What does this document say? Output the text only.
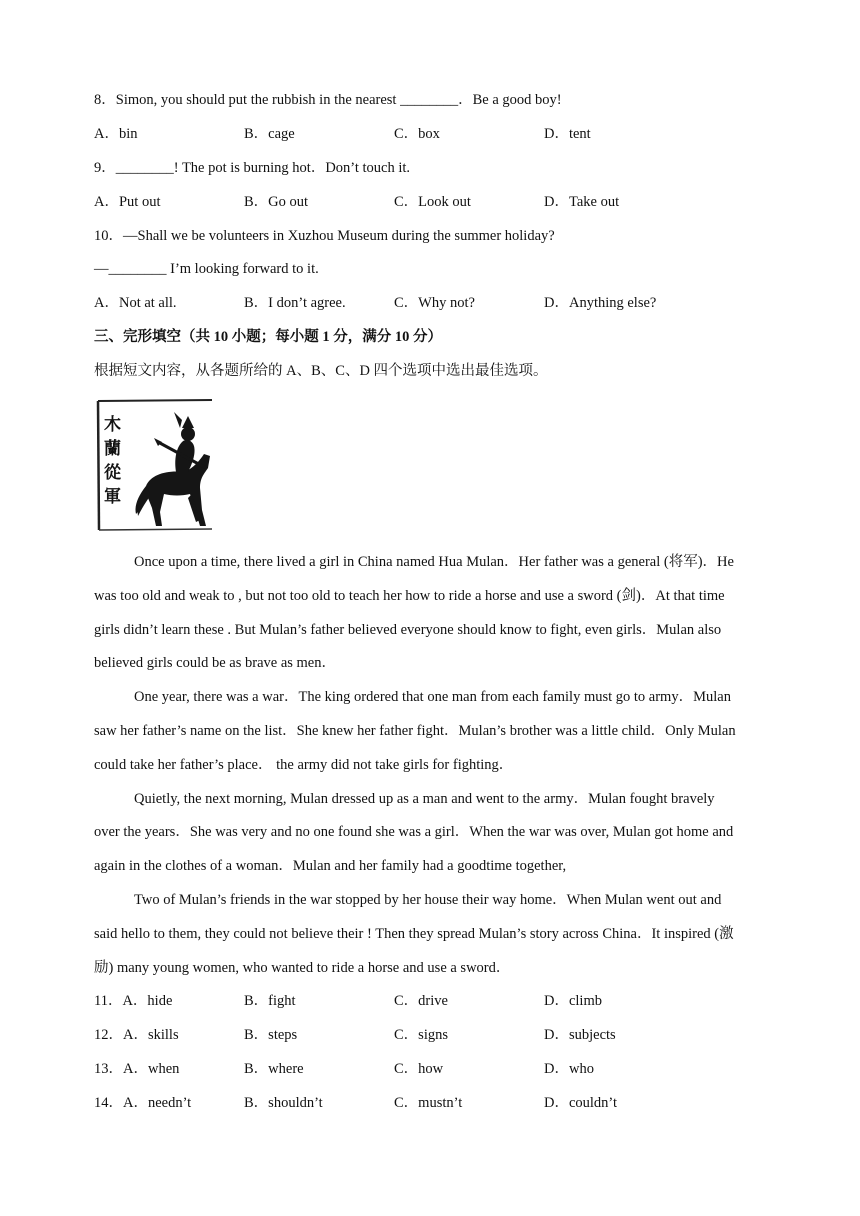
8．Simon, you should put the rubbish in the nearest ________．Be a good boy!
A．bin	B．cage	C．box	D．tent
9．________! The pot is burning hot．Don’t touch it.
A．Put out	B．Go out	C．Look out	D．Take out
10．—Shall we be volunteers in Xuzhou Museum during the summer holiday?
—________ I’m looking forward to it.
A．Not at all.	B．I don’t agree.	C．Why not?	D．Anything else?
三、完形填空（共 10 小题；每小题 1 分，满分 10 分）
根据短文内容，从各题所给的 A、B、C、D 四个选项中选出最佳选项。
木
蘭
從
軍
Once upon a time, there lived a girl in China named Hua Mulan．Her father was a general (将军)．He
was too old and weak to , but not too old to teach her how to ride a horse and use a sword (剑)．At that time
girls didn’t learn these . But Mulan’s father believed everyone should know to fight, even girls．Mulan also
believed girls could be as brave as men．
One year, there was a war．The king ordered that one man from each family must go to army．Mulan
saw her father’s name on the list．She knew her father fight．Mulan’s brother was a little child．Only Mulan
could take her father’s place． the army did not take girls for fighting．
Quietly, the next morning, Mulan dressed up as a man and went to the army．Mulan fought bravely
over the years．She was very and no one found she was a girl．When the war was over, Mulan got home and
again in the clothes of a woman．Mulan and her family had a goodtime together,
Two of Mulan’s friends in the war stopped by her house their way home．When Mulan went out and
said hello to them, they could not believe their ! Then they spread Mulan’s story across China．It inspired (激
励) many young women, who wanted to ride a horse and use a sword．
11．A．hide	B．fight	C．drive	D．climb
12．A．skills	B．steps	C．signs	D．subjects
13．A．when	B．where	C．how	D．who
14．A．needn’t	B．shouldn’t	C．mustn’t	D．couldn’t
